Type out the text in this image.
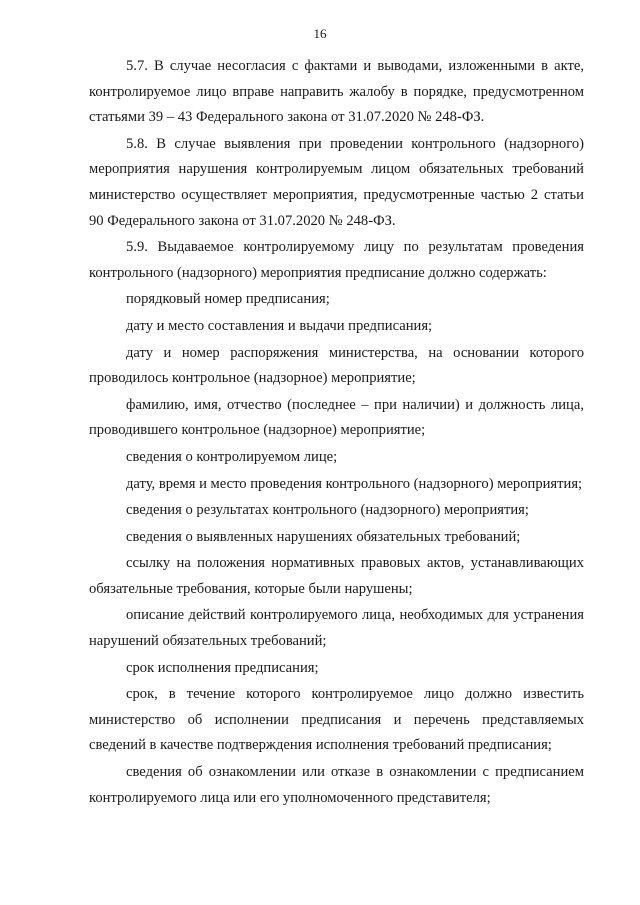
16

5.7. В случае несогласия с фактами и выводами, изложенными в акте, контролируемое лицо вправе направить жалобу в порядке, предусмотренном статьями 39 – 43 Федерального закона от 31.07.2020 № 248-ФЗ.

5.8. В случае выявления при проведении контрольного (надзорного) мероприятия нарушения контролируемым лицом обязательных требований министерство осуществляет мероприятия, предусмотренные частью 2 статьи 90 Федерального закона от 31.07.2020 № 248-ФЗ.

5.9. Выдаваемое контролируемому лицу по результатам проведения контрольного (надзорного) мероприятия предписание должно содержать:

порядковый номер предписания;

дату и место составления и выдачи предписания;

дату и номер распоряжения министерства, на основании которого проводилось контрольное (надзорное) мероприятие;

фамилию, имя, отчество (последнее – при наличии) и должность лица, проводившего контрольное (надзорное) мероприятие;

сведения о контролируемом лице;

дату, время и место проведения контрольного (надзорного) мероприятия;

сведения о результатах контрольного (надзорного) мероприятия;

сведения о выявленных нарушениях обязательных требований;

ссылку на положения нормативных правовых актов, устанавливающих обязательные требования, которые были нарушены;

описание действий контролируемого лица, необходимых для устранения нарушений обязательных требований;

срок исполнения предписания;

срок, в течение которого контролируемое лицо должно известить министерство об исполнении предписания и перечень представляемых сведений в качестве подтверждения исполнения требований предписания;

сведения об ознакомлении или отказе в ознакомлении с предписанием контролируемого лица или его уполномоченного представителя;
